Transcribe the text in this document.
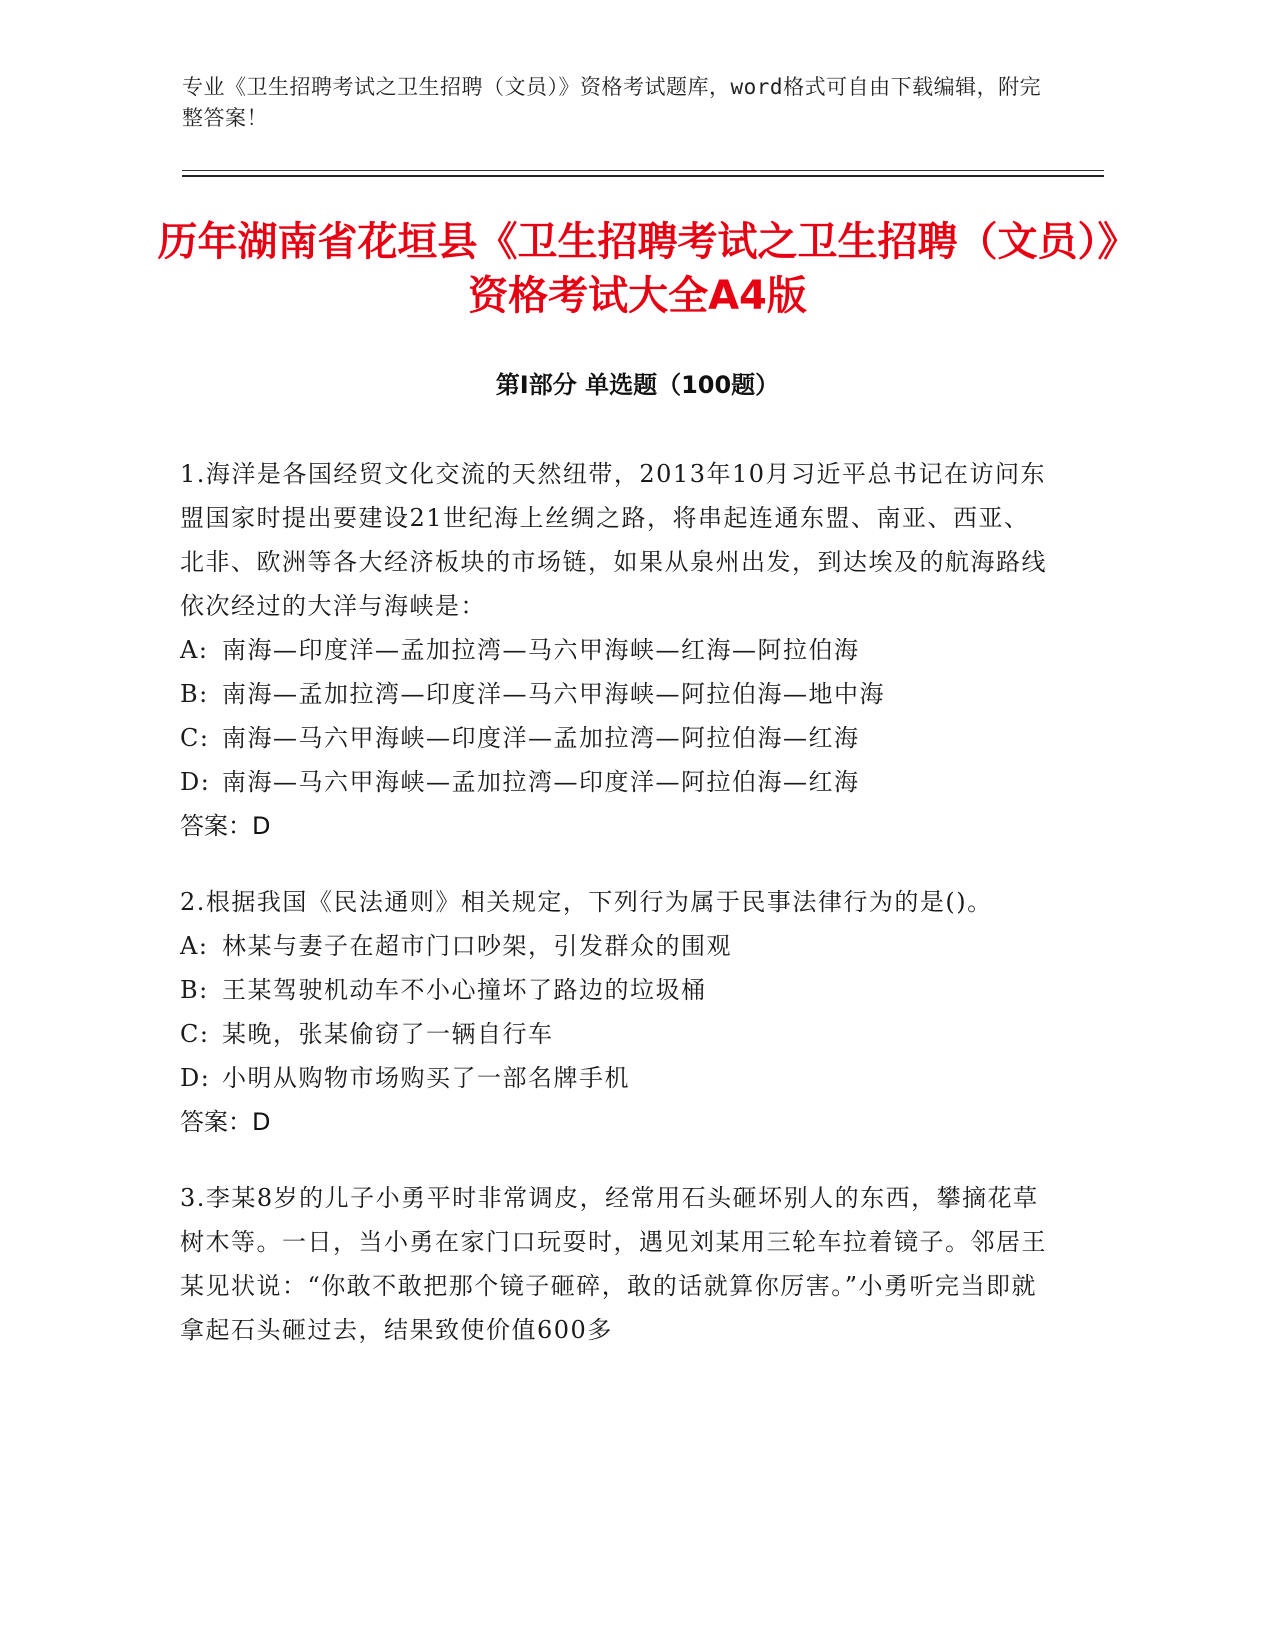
专业《卫生招聘考试之卫生招聘（文员）》资格考试题库，word格式可自由下载编辑，附完整答案！
历年湖南省花垣县《卫生招聘考试之卫生招聘（文员）》资格考试大全A4版
第Ⅰ部分 单选题（100题）
1.海洋是各国经贸文化交流的天然纽带，2013年10月习近平总书记在访问东盟国家时提出要建设21世纪海上丝绸之路，将串起连通东盟、南亚、西亚、北非、欧洲等各大经济板块的市场链，如果从泉州出发，到达埃及的航海路线依次经过的大洋与海峡是：
A: 南海—印度洋—孟加拉湾—马六甲海峡—红海—阿拉伯海
B: 南海—孟加拉湾—印度洋—马六甲海峡—阿拉伯海—地中海
C: 南海—马六甲海峡—印度洋—孟加拉湾—阿拉伯海—红海
D: 南海—马六甲海峡—孟加拉湾—印度洋—阿拉伯海—红海
答案：D
2.根据我国《民法通则》相关规定，下列行为属于民事法律行为的是()。
A: 林某与妻子在超市门口吵架，引发群众的围观
B: 王某驾驶机动车不小心撞坏了路边的垃圾桶
C: 某晚，张某偷窃了一辆自行车
D: 小明从购物市场购买了一部名牌手机
答案：D
3.李某8岁的儿子小勇平时非常调皮，经常用石头砸坏别人的东西，攀摘花草树木等。一日，当小勇在家门口玩耍时，遇见刘某用三轮车拉着镜子。邻居王某见状说：“你敢不敢把那个镜子砸碎，敢的话就算你厉害。”小勇听完当即就拿起石头砸过去，结果致使价值600多
